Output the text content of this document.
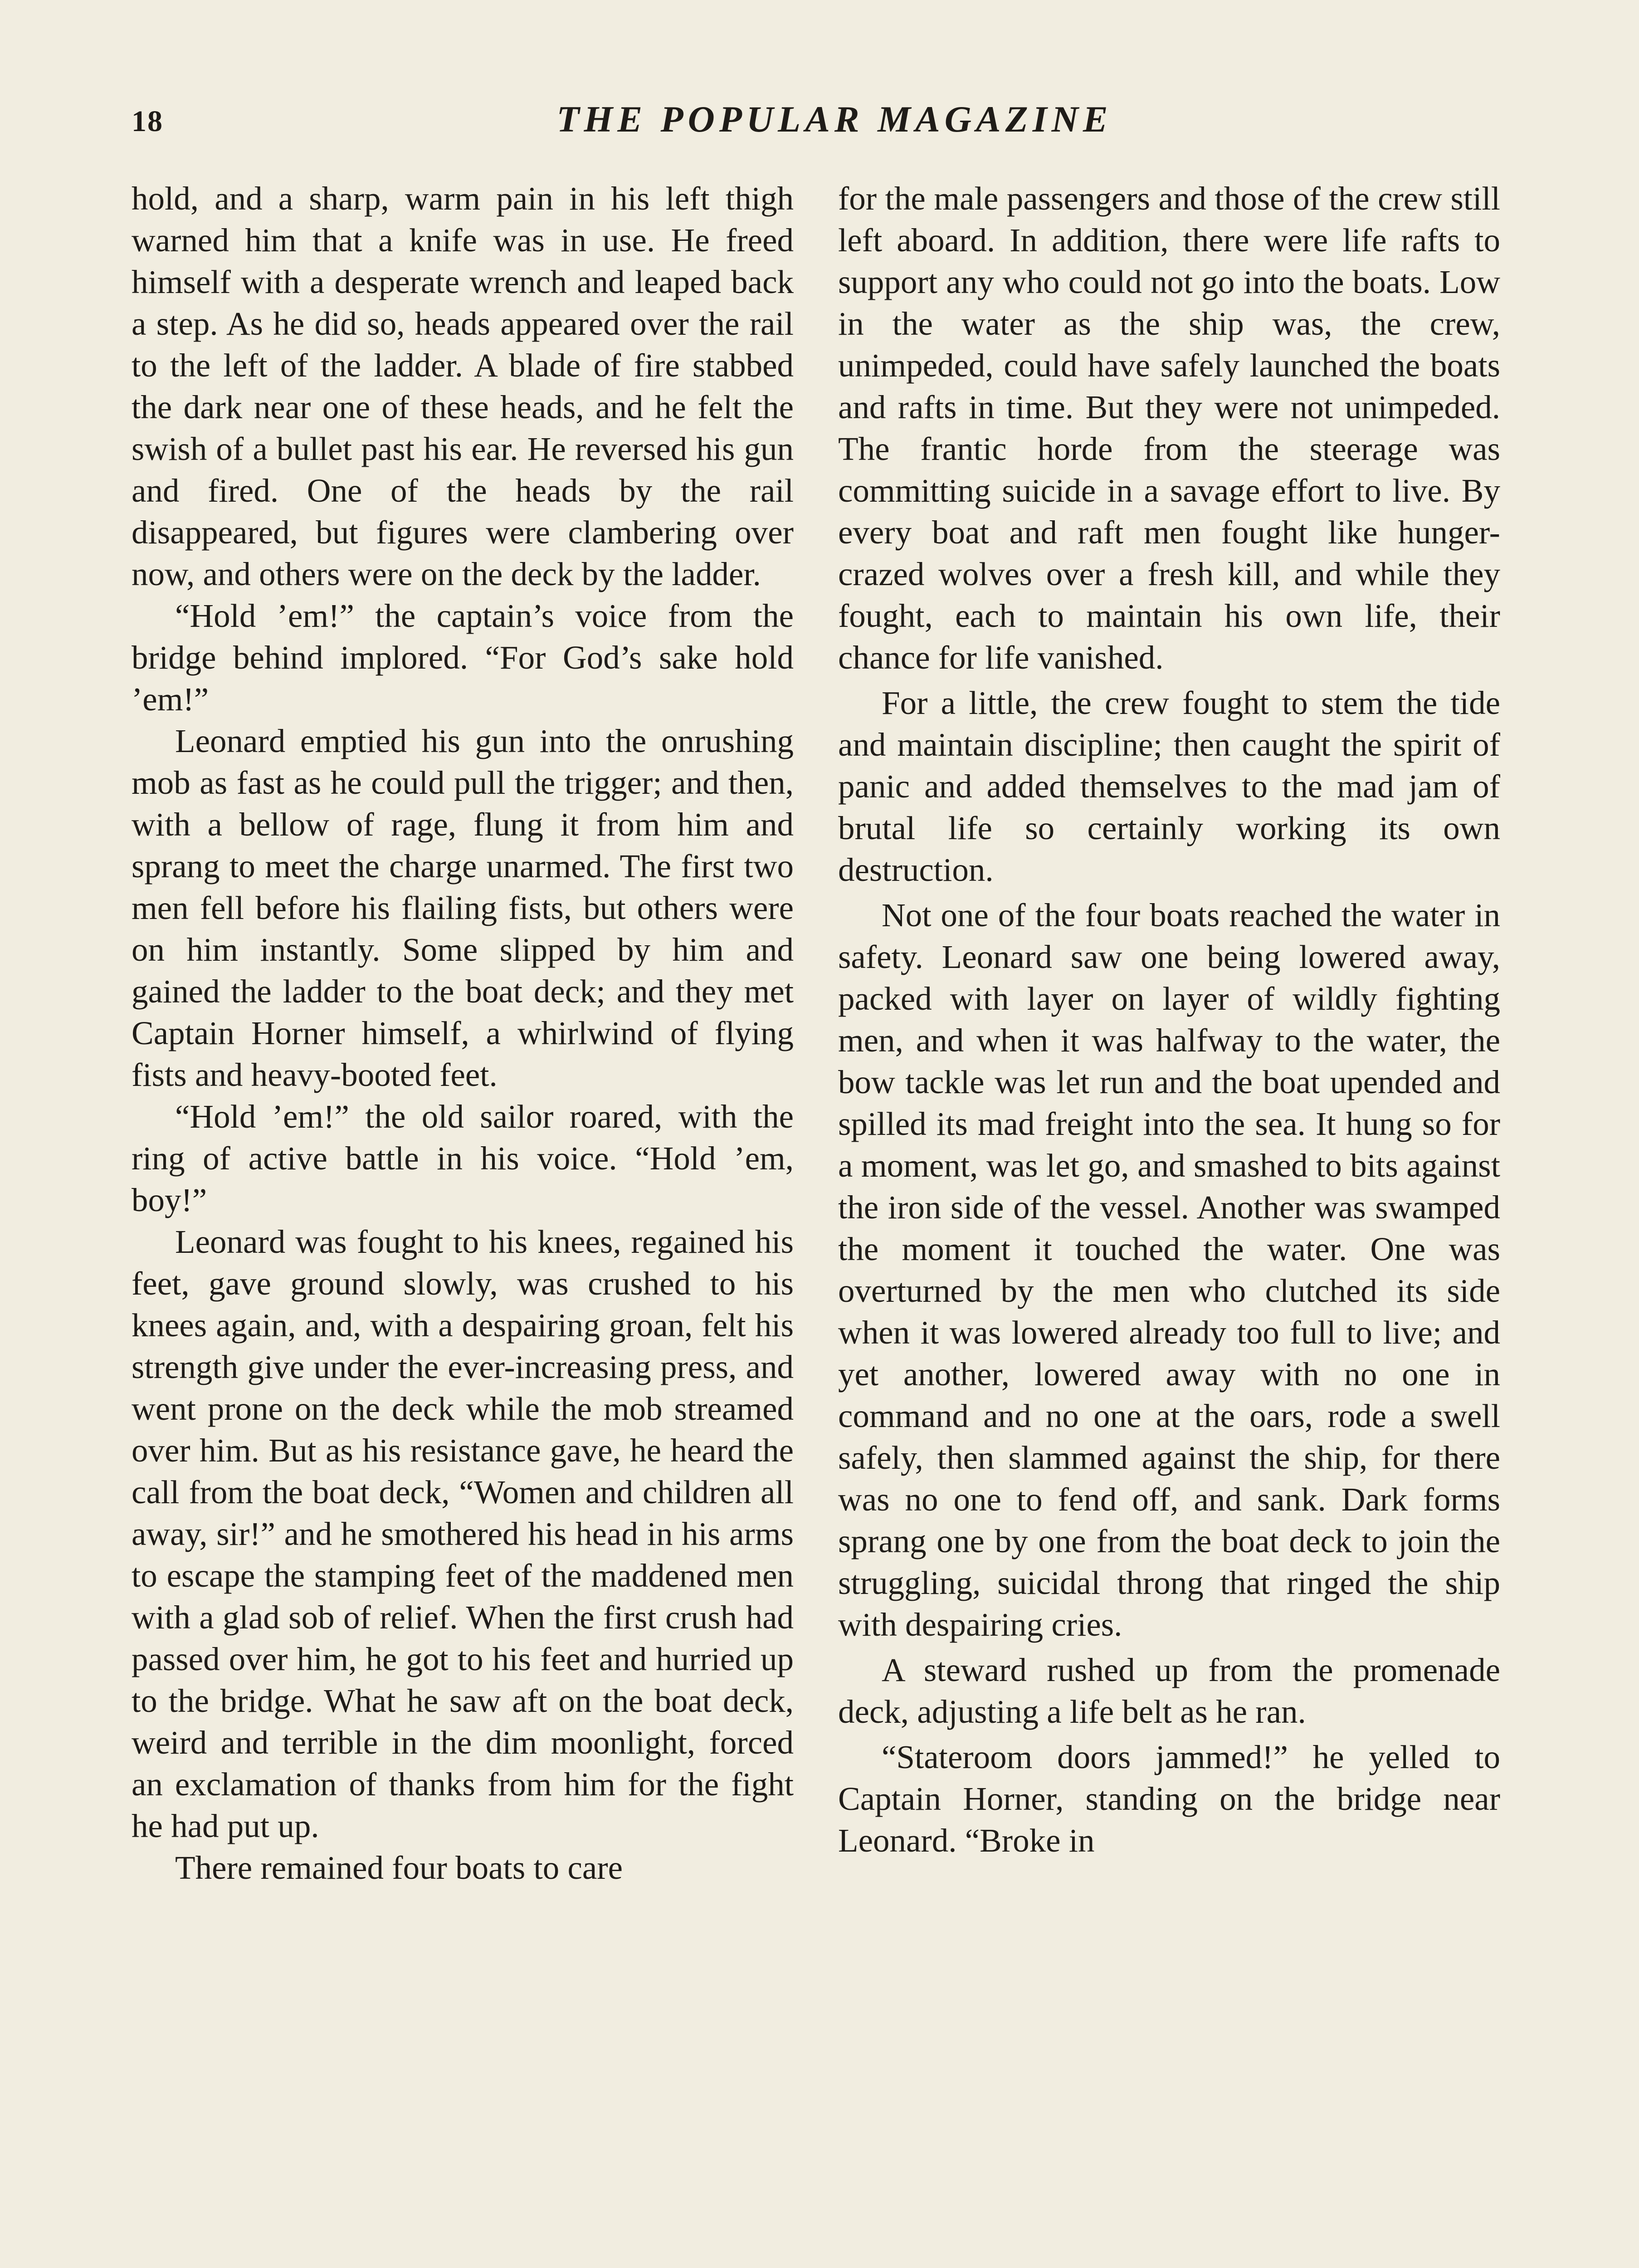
18	THE POPULAR MAGAZINE

hold, and a sharp, warm pain in his left thigh warned him that a knife was in use. He freed himself with a desperate wrench and leaped back a step. As he did so, heads appeared over the rail to the left of the ladder. A blade of fire stabbed the dark near one of these heads, and he felt the swish of a bullet past his ear. He reversed his gun and fired. One of the heads by the rail disappeared, but figures were clambering over now, and others were on the deck by the ladder.

“Hold ’em!” the captain’s voice from the bridge behind implored. “For God’s sake hold ’em!”

Leonard emptied his gun into the onrushing mob as fast as he could pull the trigger; and then, with a bellow of rage, flung it from him and sprang to meet the charge unarmed. The first two men fell before his flailing fists, but others were on him instantly. Some slipped by him and gained the ladder to the boat deck; and they met Captain Horner himself, a whirlwind of flying fists and heavy-booted feet.

“Hold ’em!” the old sailor roared, with the ring of active battle in his voice. “Hold ’em, boy!”

Leonard was fought to his knees, regained his feet, gave ground slowly, was crushed to his knees again, and, with a despairing groan, felt his strength give under the ever-increasing press, and went prone on the deck while the mob streamed over him. But as his resistance gave, he heard the call from the boat deck, “Women and children all away, sir!” and he smothered his head in his arms to escape the stamping feet of the maddened men with a glad sob of relief. When the first crush had passed over him, he got to his feet and hurried up to the bridge. What he saw aft on the boat deck, weird and terrible in the dim moonlight, forced an exclamation of thanks from him for the fight he had put up.

There remained four boats to care

for the male passengers and those of the crew still left aboard. In addition, there were life rafts to support any who could not go into the boats. Low in the water as the ship was, the crew, unimpeded, could have safely launched the boats and rafts in time. But they were not unimpeded. The frantic horde from the steerage was committing suicide in a savage effort to live. By every boat and raft men fought like hunger-crazed wolves over a fresh kill, and while they fought, each to maintain his own life, their chance for life vanished.

For a little, the crew fought to stem the tide and maintain discipline; then caught the spirit of panic and added themselves to the mad jam of brutal life so certainly working its own destruction.

Not one of the four boats reached the water in safety. Leonard saw one being lowered away, packed with layer on layer of wildly fighting men, and when it was halfway to the water, the bow tackle was let run and the boat upended and spilled its mad freight into the sea. It hung so for a moment, was let go, and smashed to bits against the iron side of the vessel. Another was swamped the moment it touched the water. One was overturned by the men who clutched its side when it was lowered already too full to live; and yet another, lowered away with no one in command and no one at the oars, rode a swell safely, then slammed against the ship, for there was no one to fend off, and sank. Dark forms sprang one by one from the boat deck to join the struggling, suicidal throng that ringed the ship with despairing cries.

A steward rushed up from the promenade deck, adjusting a life belt as he ran.

“Stateroom doors jammed!” he yelled to Captain Horner, standing on the bridge near Leonard. “Broke in
